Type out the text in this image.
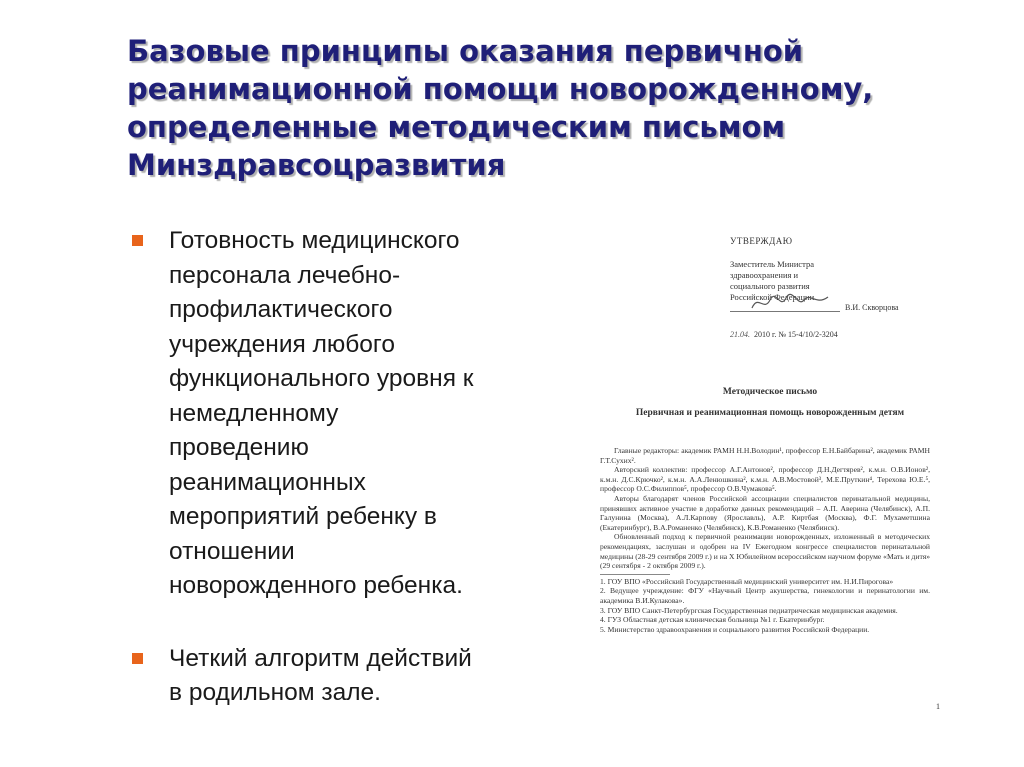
Базовые принципы оказания первичной
реанимационной помощи новорожденному,
определенные методическим письмом
Минздравсоцразвития
Готовность медицинского
персонала лечебно-
профилактического
учреждения любого
функционального уровня к
немедленному
проведению
реанимационных
мероприятий ребенку в
отношении
новорожденного ребенка.
Четкий алгоритм действий
в родильном зале.
УТВЕРЖДАЮ
Заместитель Министра
здравоохранения и
социального развития
Российской Федерации
В.И. Скворцова
21.04. 2010 г. № 15-4/10/2-3204
Методическое письмо
Первичная и реанимационная помощь новорожденным детям

Главные редакторы: академик РАМН Н.Н.Володин¹, профессор Е.Н.Байбарина², академик РАМН Г.Т.Сухих².

Авторский коллектив: профессор А.Г.Антонов², профессор Д.Н.Дегтярев², к.м.н. О.В.Ионов², к.м.н. Д.С.Крючко², к.м.н. А.А.Ленюшкина², к.м.н. А.В.Мостовой³, М.Е.Пруткин⁴, Терехова Ю.Е.⁵, профессор О.С.Филиппов⁵, профессор О.В.Чумакова⁵.

Авторы благодарят членов Российской ассоциации специалистов перинатальной медицины, принявших активное участие в доработке данных рекомендаций – А.П. Аверина (Челябинск), А.П. Галунина (Москва), А.Л.Карпову (Ярославль), А.Р. Киртбая (Москва), Ф.Г. Мухаметшина (Екатеринбург), В.А.Романенко (Челябинск), К.В.Романенко (Челябинск).

Обновленный подход к первичной реанимации новорожденных, изложенный в методических рекомендациях, заслушан и одобрен на IV Ежегодном конгрессе специалистов перинатальной медицины (28-29 сентября 2009 г.) и на X Юбилейном всероссийском научном форуме «Мать и дитя» (29 сентября - 2 октября 2009 г.).

1. ГОУ ВПО «Российский Государственный медицинский университет им. Н.И.Пирогова»

2. Ведущее учреждение: ФГУ «Научный Центр акушерства, гинекологии и перинатологии им. академика В.И.Кулакова».

3. ГОУ ВПО Санкт-Петербургская Государственная педиатрическая медицинская академия.

4. ГУЗ Областная детская клиническая больница №1 г. Екатеринбург.

5. Министерство здравоохранения и социального развития Российской Федерации.

1
